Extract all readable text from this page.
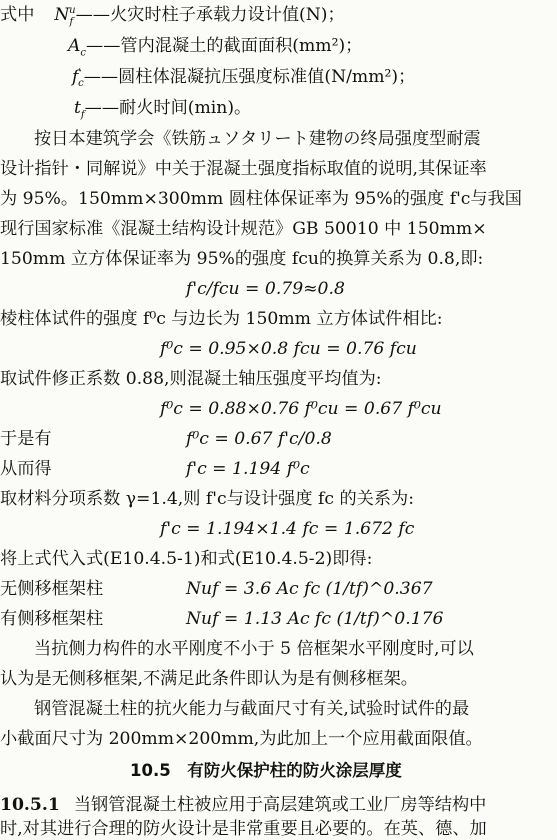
式中 $N_f^u——$火灾时柱子承载力设计值(N)；
$A_c——$管内混凝土的截面面积(mm²)；
$f'_c——$圆柱体混凝抗压强度标准值(N/mm²)；
$t_f——$耐火时间(min)。
按日本建筑学会《铁筋ュソタリート建物の终局强度型耐震
设计指针・同解说》中关于混凝土强度指标取值的说明,其保证率
为 95%。150mm×300mm 圆柱体保证率为 95%的强度 f'c与我国
现行国家标准《混凝土结构设计规范》GB 50010 中 150mm×
150mm 立方体保证率为 95%的强度 fcu的换算关系为 0.8,即:
f'c/fcu = 0.79≈0.8
棱柱体试件的强度 f⁰c 与边长为 150mm 立方体试件相比:
f⁰c = 0.95×0.8 fcu = 0.76 fcu
取试件修正系数 0.88,则混凝土轴压强度平均值为:
f⁰c = 0.88×0.76 f⁰cu = 0.67 f⁰cu
于是有	f⁰c = 0.67 f'c/0.8
从而得	f'c = 1.194 f⁰c
取材料分项系数 γ=1.4,则 f'c与设计强度 fc 的关系为:
f'c = 1.194×1.4 fc = 1.672 fc
将上式代入式(E10.4.5-1)和式(E10.4.5-2)即得:
无侧移框架柱	Nuf = 3.6 Ac fc (1/tf)^0.367
有侧移框架柱	Nuf = 1.13 Ac fc (1/tf)^0.176
当抗侧力构件的水平刚度不小于 5 倍框架水平刚度时,可以
认为是无侧移框架,不满足此条件即认为是有侧移框架。
钢管混凝土柱的抗火能力与截面尺寸有关,试验时试件的最
小截面尺寸为 200mm×200mm,为此加上一个应用截面限值。
10.5　有防火保护柱的防火涂层厚度
10.5.1 当钢管混凝土柱被应用于高层建筑或工业厂房等结构中
时,对其进行合理的防火设计是非常重要且必要的。在英、德、加
